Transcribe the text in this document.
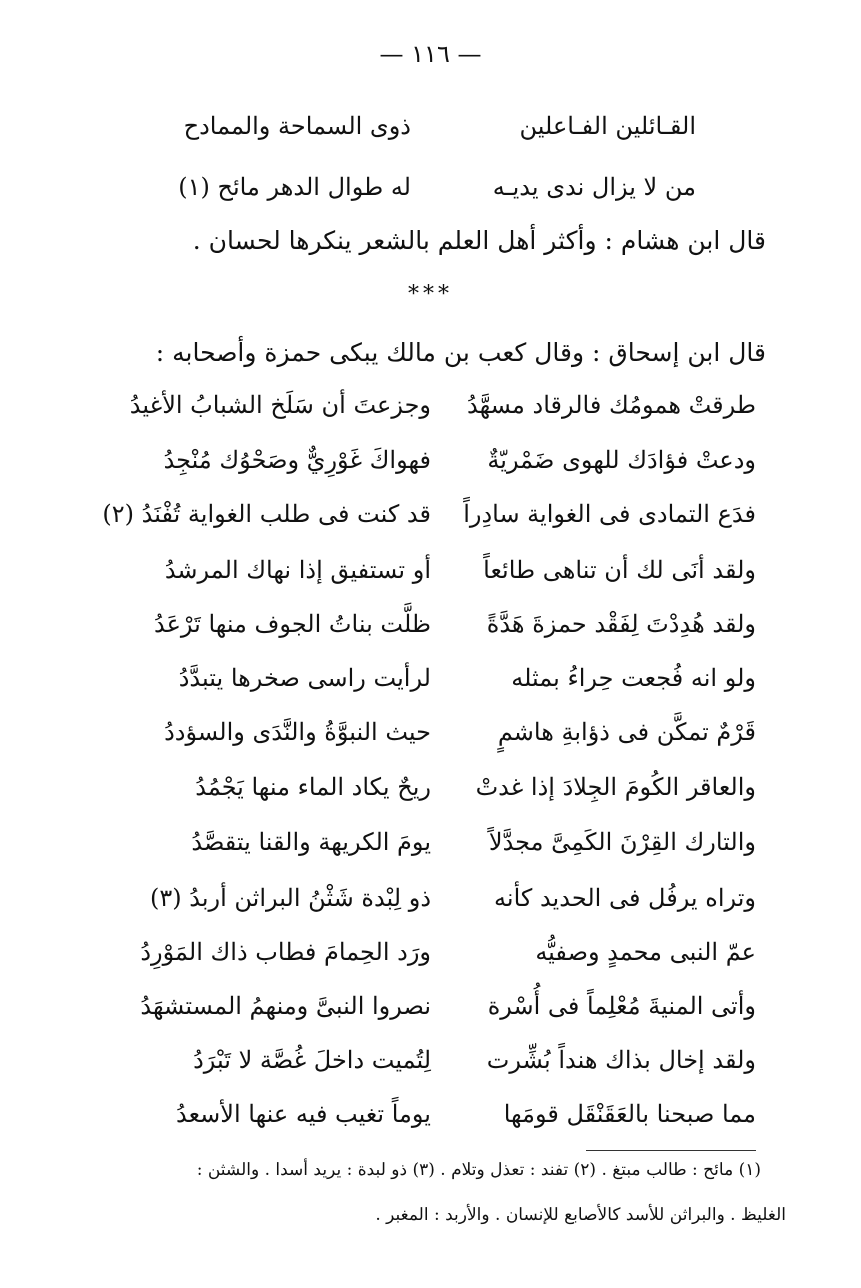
— ١١٦ —
القـائلين الفـاعلين
ذوى السماحة والممادح
من لا يزال ندى يديـه
له طوال الدهر مائح (١)
قال ابن هشام : وأكثر أهل العلم بالشعر ينكرها لحسان .
***
قال ابن إسحاق : وقال كعب بن مالك يبكى حمزة وأصحابه :
طرقتْ همومُك فالرقاد مسهَّدُ
وجزعتَ أن سَلَخ الشبابُ الأغيدُ
ودعتْ فؤادَك للهوى ضَمْريّةٌ
فهواكَ غَوْرِيٌّ وصَحْوُك مُنْجِدُ
فدَع التمادى فى الغواية سادِراً
قد كنت فى طلب الغواية تُفْنَدُ (٢)
ولقد أنَى لك أن تناهى طائعاً
أو تستفيق إذا نهاك المرشدُ
ولقد هُدِدْتَ لِفَقْد حمزةَ هَدَّةً
ظلَّت بناتُ الجوف منها تَرْعَدُ
ولو انه فُجعت حِراءُ بمثله
لرأيت راسى صخرها يتبدَّدُ
قَرْمٌ تمكَّن فى ذؤابةِ هاشمٍ
حيث النبوَّةُ والنَّدَى والسؤددُ
والعاقر الكُومَ الجِلادَ إذا غدتْ
ريحٌ يكاد الماء منها يَجْمُدُ
والتارك القِرْنَ الكَمِىَّ مجدَّلاً
يومَ الكريهة والقنا يتقصَّدُ
وتراه يرفُل فى الحديد كأنه
ذو لِبْدة شَثْنُ البراثن أربدُ (٣)
عمّ النبى محمدٍ وصفيُّه
ورَد الحِمامَ فطاب ذاك المَوْرِدُ
وأتى المنيةَ مُعْلِماً فى أُسْرة
نصروا النبىَّ ومنهمُ المستشهَدُ
ولقد إخال بذاك هنداً بُشِّرت
لِتُميت داخلَ غُصَّة لا تَبْرَدُ
مما صبحنا بالعَقَنْقَل قومَها
يوماً تغيب فيه عنها الأسعدُ
(١) مائح : طالب مبتغ . (٢) تفند : تعذل وتلام . (٣) ذو لبدة : يريد أسدا . والشثن :
الغليظ . والبراثن للأسد كالأصابع للإنسان . والأربد : المغبر .
